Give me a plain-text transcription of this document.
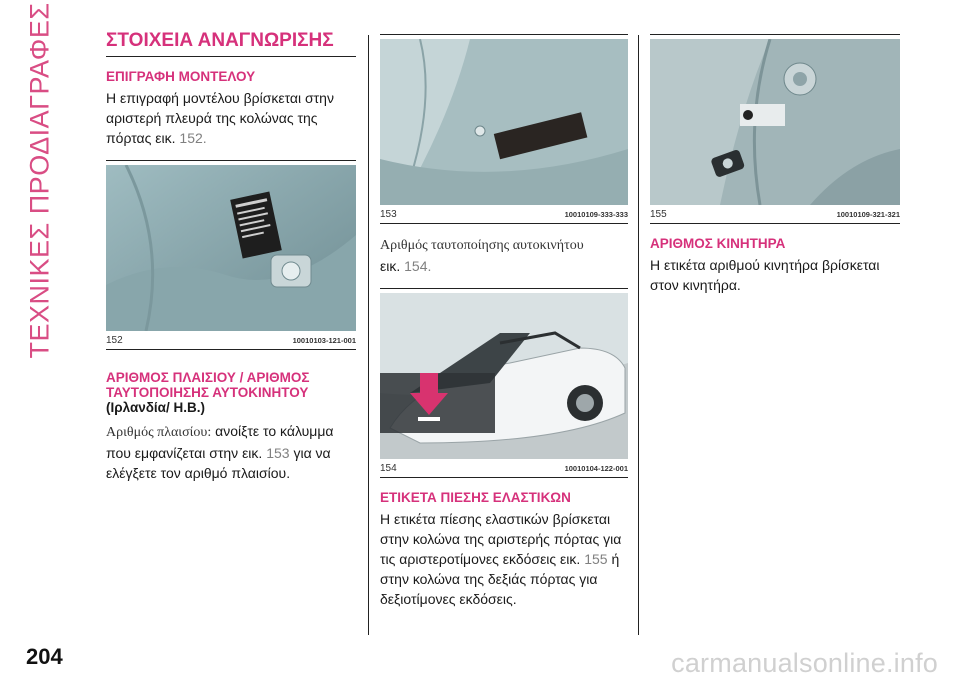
ΤΕΧΝΙΚΕΣ ΠΡΟΔΙΑΓΡΑΦΕΣ	ΣΤΟΙΧΕΙΑ ΑΝΑΓΝΩΡΙΣΗΣ
ΕΠΙΓΡΑΦΗ ΜΟΝΤΕΛΟΥ

Η επιγραφή μοντέλου βρίσκεται στην αριστερή πλευρά της κολώνας της πόρτας εικ. 152.

152	10010103-121-001
ΑΡΙΘΜΟΣ ΠΛΑΙΣΙΟΥ / ΑΡΙΘΜΟΣ ΤΑΥΤΟΠΟΙΗΣΗΣ ΑΥΤΟΚΙΝΗΤΟΥ
(Ιρλανδία/ Η.Β.)

Αριθμός πλαισίου: ανοίξτε το κάλυμμα που εμφανίζεται στην εικ. 153 για να ελέγξετε τον αριθμό πλαισίου.

153	10010109-333-333

Αριθμός ταυτοποίησης αυτοκινήτου
εικ. 154.

154	10010104-122-001
ΕΤΙΚΕΤΑ ΠΙΕΣΗΣ ΕΛΑΣΤΙΚΩΝ

Η ετικέτα πίεσης ελαστικών βρίσκεται στην κολώνα της αριστερής πόρτας για τις αριστεροτίμονες εκδόσεις εικ. 155 ή στην κολώνα της δεξιάς πόρτας για δεξιοτίμονες εκδόσεις.

155	10010109-321-321
ΑΡΙΘΜΟΣ ΚΙΝΗΤΗΡΑ

Η ετικέτα αριθμού κινητήρα βρίσκεται στον κινητήρα.

204	carmanualsonline.info
